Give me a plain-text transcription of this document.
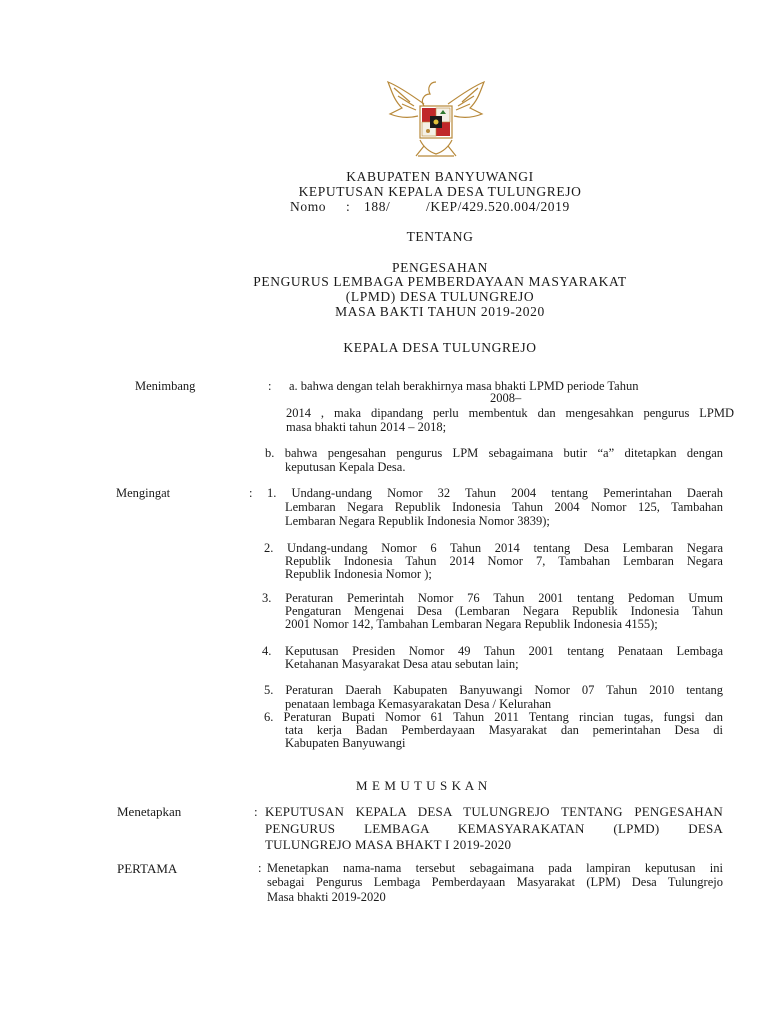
KABUPATEN BANYUWANGI
KEPUTUSAN KEPALA DESA TULUNGREJO
Nomo : 188/	/KEP/429.520.004/2019
TENTANG
PENGESAHAN
PENGURUS LEMBAGA PEMBERDAYAAN MASYARAKAT
(LPMD) DESA TULUNGREJO
MASA BAKTI TAHUN 2019-2020
KEPALA DESA TULUNGREJO
Menimbang	: a. bahwa dengan telah berakhirnya masa bhakti LPMD periode Tahun
2008–
2014 , maka dipandang perlu membentuk dan mengesahkan pengurus LPMD
masa bhakti tahun 2014 – 2018;
b. bahwa pengesahan pengurus LPM sebagaimana butir “a” ditetapkan dengan
keputusan Kepala Desa.
Mengingat	: 1. Undang-undang Nomor 32 Tahun 2004 tentang Pemerintahan Daerah
Lembaran Negara Republik Indonesia Tahun 2004 Nomor 125, Tambahan
Lembaran Negara Republik Indonesia Nomor 3839);
2. Undang-undang Nomor 6 Tahun 2014 tentang Desa Lembaran Negara
Republik Indonesia Tahun 2014 Nomor 7, Tambahan Lembaran Negara
Republik Indonesia Nomor );
3. Peraturan Pemerintah Nomor 76 Tahun 2001 tentang Pedoman Umum
Pengaturan Mengenai Desa (Lembaran Negara Republik Indonesia Tahun
2001 Nomor 142, Tambahan Lembaran Negara Republik Indonesia 4155);
4. Keputusan Presiden Nomor 49 Tahun 2001 tentang Penataan Lembaga
Ketahanan Masyarakat Desa atau sebutan lain;
5. Peraturan Daerah Kabupaten Banyuwangi Nomor 07 Tahun 2010 tentang
penataan lembaga Kemasyarakatan Desa / Kelurahan
6. Peraturan Bupati Nomor 61 Tahun 2011 Tentang rincian tugas, fungsi dan
tata kerja Badan Pemberdayaan Masyarakat dan pemerintahan Desa di
Kabupaten Banyuwangi
M E M U T U S K A N
Menetapkan	: KEPUTUSAN KEPALA DESA TULUNGREJO TENTANG PENGESAHAN
PENGURUS LEMBAGA KEMASYARAKATAN (LPMD) DESA
TULUNGREJO MASA BHAKT I 2019-2020
PERTAMA	: Menetapkan nama-nama tersebut sebagaimana pada lampiran keputusan ini
sebagai Pengurus Lembaga Pemberdayaan Masyarakat (LPM) Desa Tulungrejo
Masa bhakti 2019-2020
